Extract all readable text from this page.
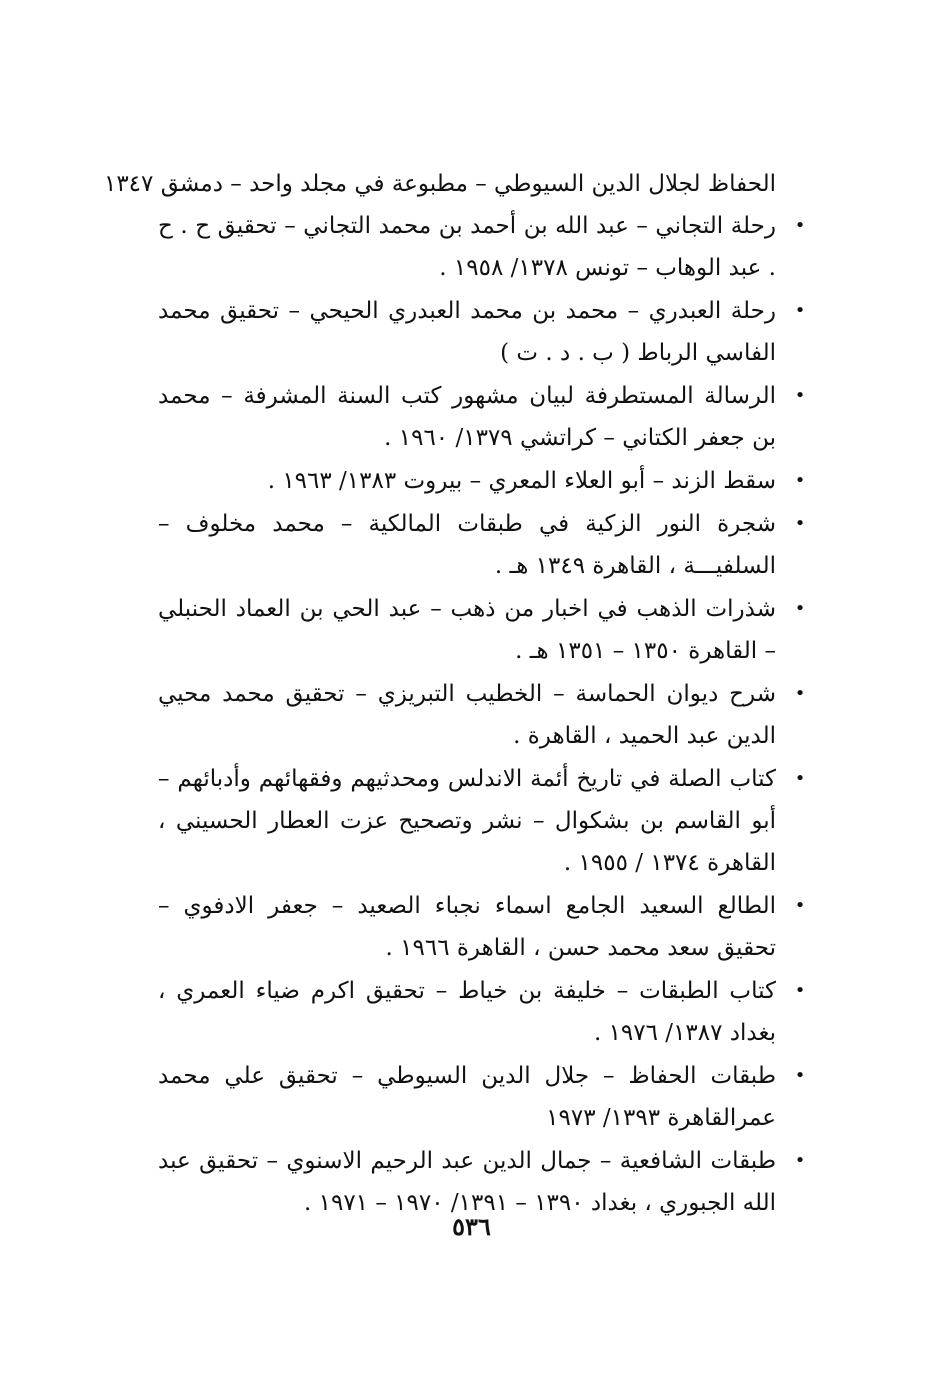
الحفاظ لجلال الدين السيوطي – مطبوعة في مجلد واحد – دمشق ١٣٤٧

•
رحلة التجاني – عبد الله بن أحمد بن محمد التجاني – تحقيق ح . ح . عبد الوهاب – تونس ١٣٧٨/ ١٩٥٨ .
•
رحلة العبدري – محمد بن محمد العبدري الحيحي – تحقيق محمد الفاسي الرباط ( ب . د . ت )
•
الرسالة المستطرفة لبيان مشهور كتب السنة المشرفة – محمد بن جعفر الكتاني – كراتشي ١٣٧٩/ ١٩٦٠ .
•
سقط الزند – أبو العلاء المعري – بيروت ١٣٨٣/ ١٩٦٣ .
•
شجرة النور الزكية في طبقات المالكية – محمد مخلوف – السلفيـــة ، القاهرة ١٣٤٩ هـ .
•
شذرات الذهب في اخبار من ذهب – عبد الحي بن العماد الحنبلي – القاهرة ١٣٥٠ – ١٣٥١ هـ .
•
شرح ديوان الحماسة – الخطيب التبريزي – تحقيق محمد محيي الدين عبد الحميد ، القاهرة .
•
كتاب الصلة في تاريخ أئمة الاندلس ومحدثيهم وفقهائهم وأدبائهم –أبو القاسم بن بشكوال – نشر وتصحيح عزت العطار الحسيني ، القاهرة ١٣٧٤ / ١٩٥٥ .
•
الطالع السعيد الجامع اسماء نجباء الصعيد – جعفر الادفوي – تحقيق سعد محمد حسن ، القاهرة ١٩٦٦ .
•
كتاب الطبقات – خليفة بن خياط – تحقيق اكرم ضياء العمري ، بغداد ١٣٨٧/ ١٩٧٦ .
•
طبقات الحفاظ – جلال الدين السيوطي – تحقيق علي محمد عمرالقاهرة ١٣٩٣/ ١٩٧٣
•
طبقات الشافعية – جمال الدين عبد الرحيم الاسنوي – تحقيق عبد الله الجبوري ، بغداد ١٣٩٠ – ١٣٩١/ ١٩٧٠ – ١٩٧١ .
٥٣٦
